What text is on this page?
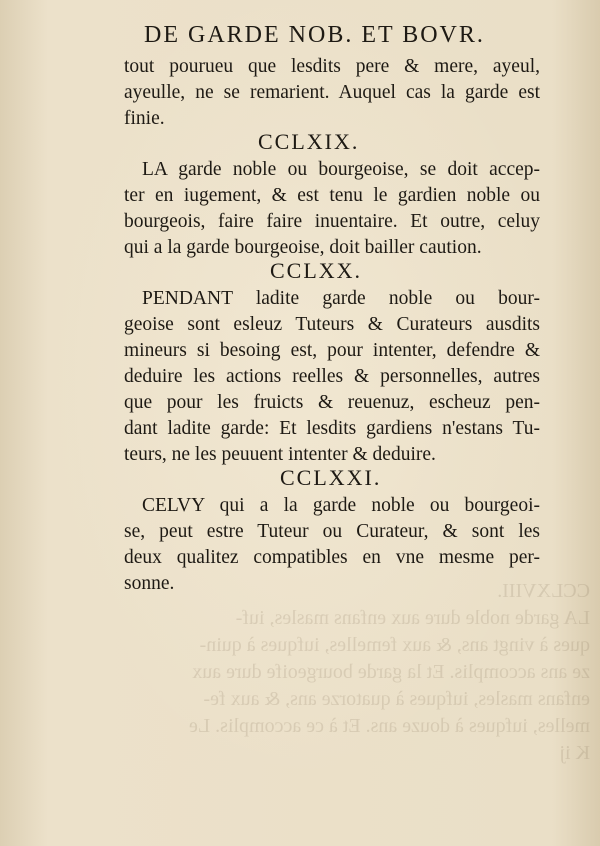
CCLXVIII.
LA garde noble dure aux enfans masles, iuf-
ques à vingt ans, & aux femelles, iufques à quin-
ze ans accomplis. Et la garde bourgeoife dure aux
enfans masles, iufques à quatorze ans, & aux fe-
melles, iufques à douze ans. Et à ce accomplis. Le
K ij
DE GARDE NOB. ET BOVR.
tout pourueu que lesdits pere & mere, ayeul,
ayeulle, ne se remarient. Auquel cas la garde est
finie.
CCLXIX.
LA garde noble ou bourgeoise, se doit accep-
ter en iugement, & est tenu le gardien noble ou
bourgeois, faire faire inuentaire. Et outre, celuy
qui a la garde bourgeoise, doit bailler caution.
CCLXX.
PENDANT ladite garde noble ou bour-
geoise sont esleuz Tuteurs & Curateurs ausdits
mineurs si besoing est, pour intenter, defendre &
deduire les actions reelles & personnelles, autres
que pour les fruicts & reuenuz, escheuz pen-
dant ladite garde: Et lesdits gardiens n'estans Tu-
teurs, ne les peuuent intenter & deduire.
CCLXXI.
CELVY qui a la garde noble ou bourgeoi-
se, peut estre Tuteur ou Curateur, & sont les
deux qualitez compatibles en vne mesme per-
sonne.
